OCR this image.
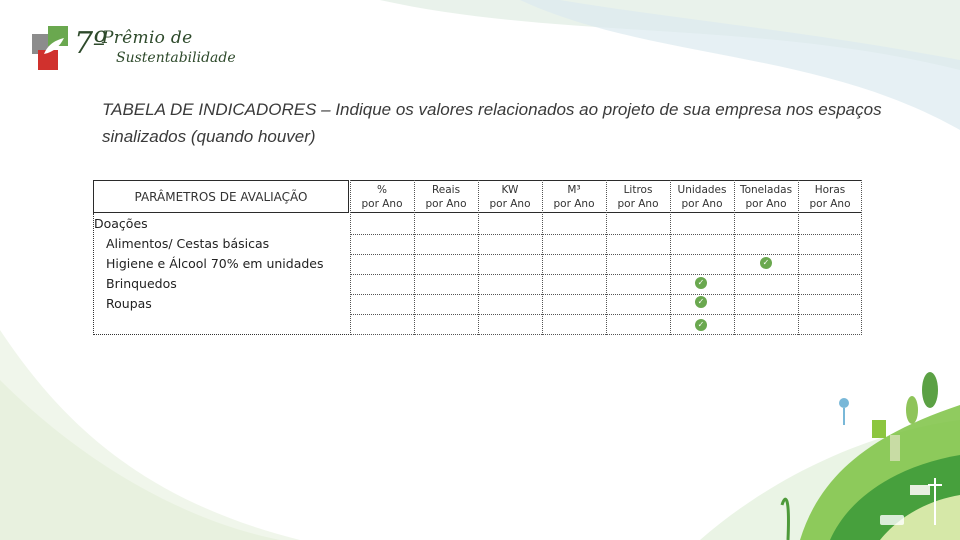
7º
Prêmio de
Sustentabilidade
TABELA DE INDICADORES – Indique os valores relacionados ao projeto de sua empresa nos espaços sinalizados (quando houver)
PARÂMETROS DE AVALIAÇÃO
Doações
Alimentos/ Cestas básicas
Higiene e Álcool 70% em unidades
Brinquedos
Roupas
%
por Ano
Reais
por Ano
KW
por Ano
M³
por Ano
Litros
por Ano
Unidades
por Ano
Toneladas
por Ano
Horas
por Ano
✓
✓
✓
✓
